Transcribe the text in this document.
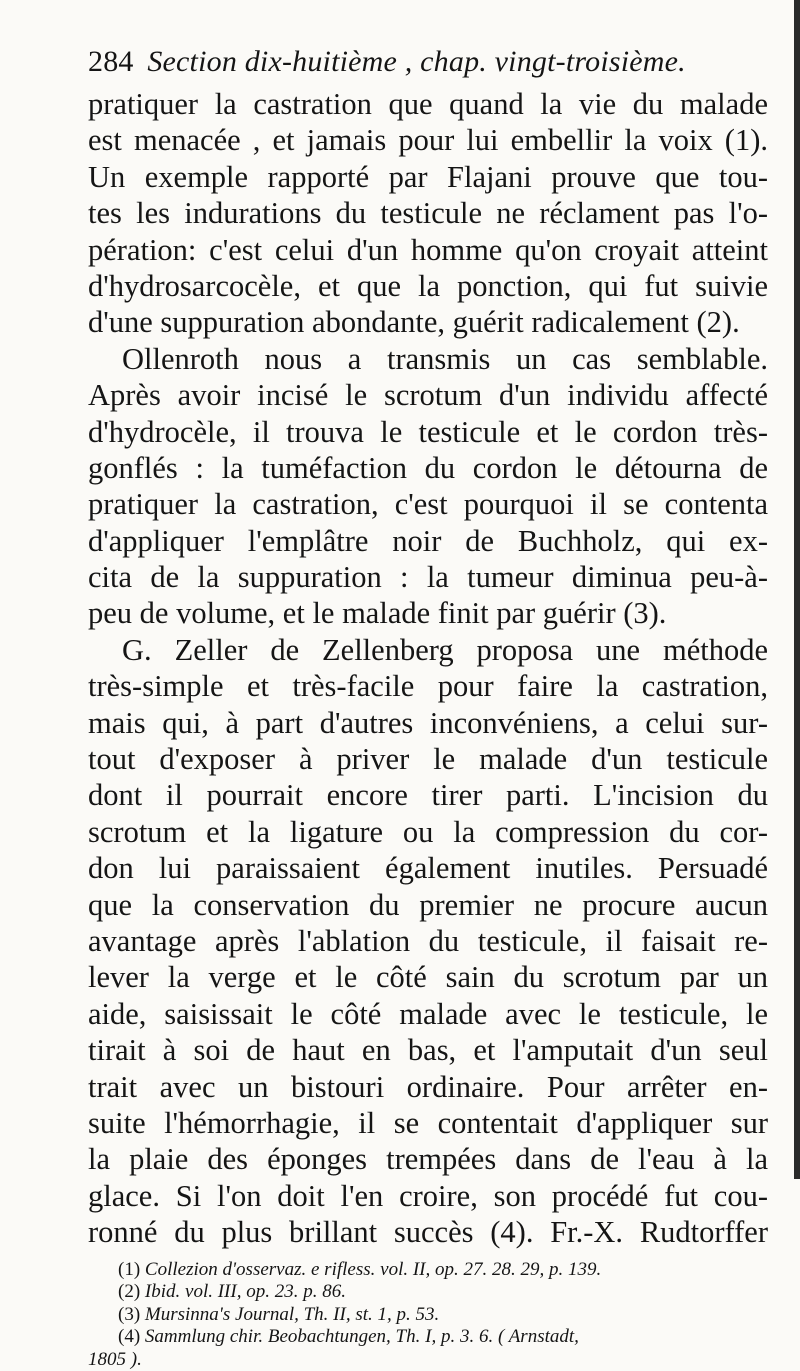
284 Section dix-huitième , chap. vingt-troisième.
pratiquer la castration que quand la vie du malade
est menacée , et jamais pour lui embellir la voix (1).
Un exemple rapporté par Flajani prouve que tou-
tes les indurations du testicule ne réclament pas l'o-
pération: c'est celui d'un homme qu'on croyait atteint
d'hydrosarcocèle, et que la ponction, qui fut suivie
d'une suppuration abondante, guérit radicalement (2).
Ollenroth nous a transmis un cas semblable.
Après avoir incisé le scrotum d'un individu affecté
d'hydrocèle, il trouva le testicule et le cordon très-
gonflés : la tuméfaction du cordon le détourna de
pratiquer la castration, c'est pourquoi il se contenta
d'appliquer l'emplâtre noir de Buchholz, qui ex-
cita de la suppuration : la tumeur diminua peu-à-
peu de volume, et le malade finit par guérir (3).
G. Zeller de Zellenberg proposa une méthode
très-simple et très-facile pour faire la castration,
mais qui, à part d'autres inconvéniens, a celui sur-
tout d'exposer à priver le malade d'un testicule
dont il pourrait encore tirer parti. L'incision du
scrotum et la ligature ou la compression du cor-
don lui paraissaient également inutiles. Persuadé
que la conservation du premier ne procure aucun
avantage après l'ablation du testicule, il faisait re-
lever la verge et le côté sain du scrotum par un
aide, saisissait le côté malade avec le testicule, le
tirait à soi de haut en bas, et l'amputait d'un seul
trait avec un bistouri ordinaire. Pour arrêter en-
suite l'hémorrhagie, il se contentait d'appliquer sur
la plaie des éponges trempées dans de l'eau à la
glace. Si l'on doit l'en croire, son procédé fut cou-
ronné du plus brillant succès (4). Fr.-X. Rudtorffer
(1) Collezion d'osservaz. e rifless. vol. II, op. 27. 28. 29, p. 139.
(2) Ibid. vol. III, op. 23. p. 86.
(3) Mursinna's Journal, Th. II, st. 1, p. 53.
(4) Sammlung chir. Beobachtungen, Th. I, p. 3. 6. ( Arnstadt,
1805 ).
